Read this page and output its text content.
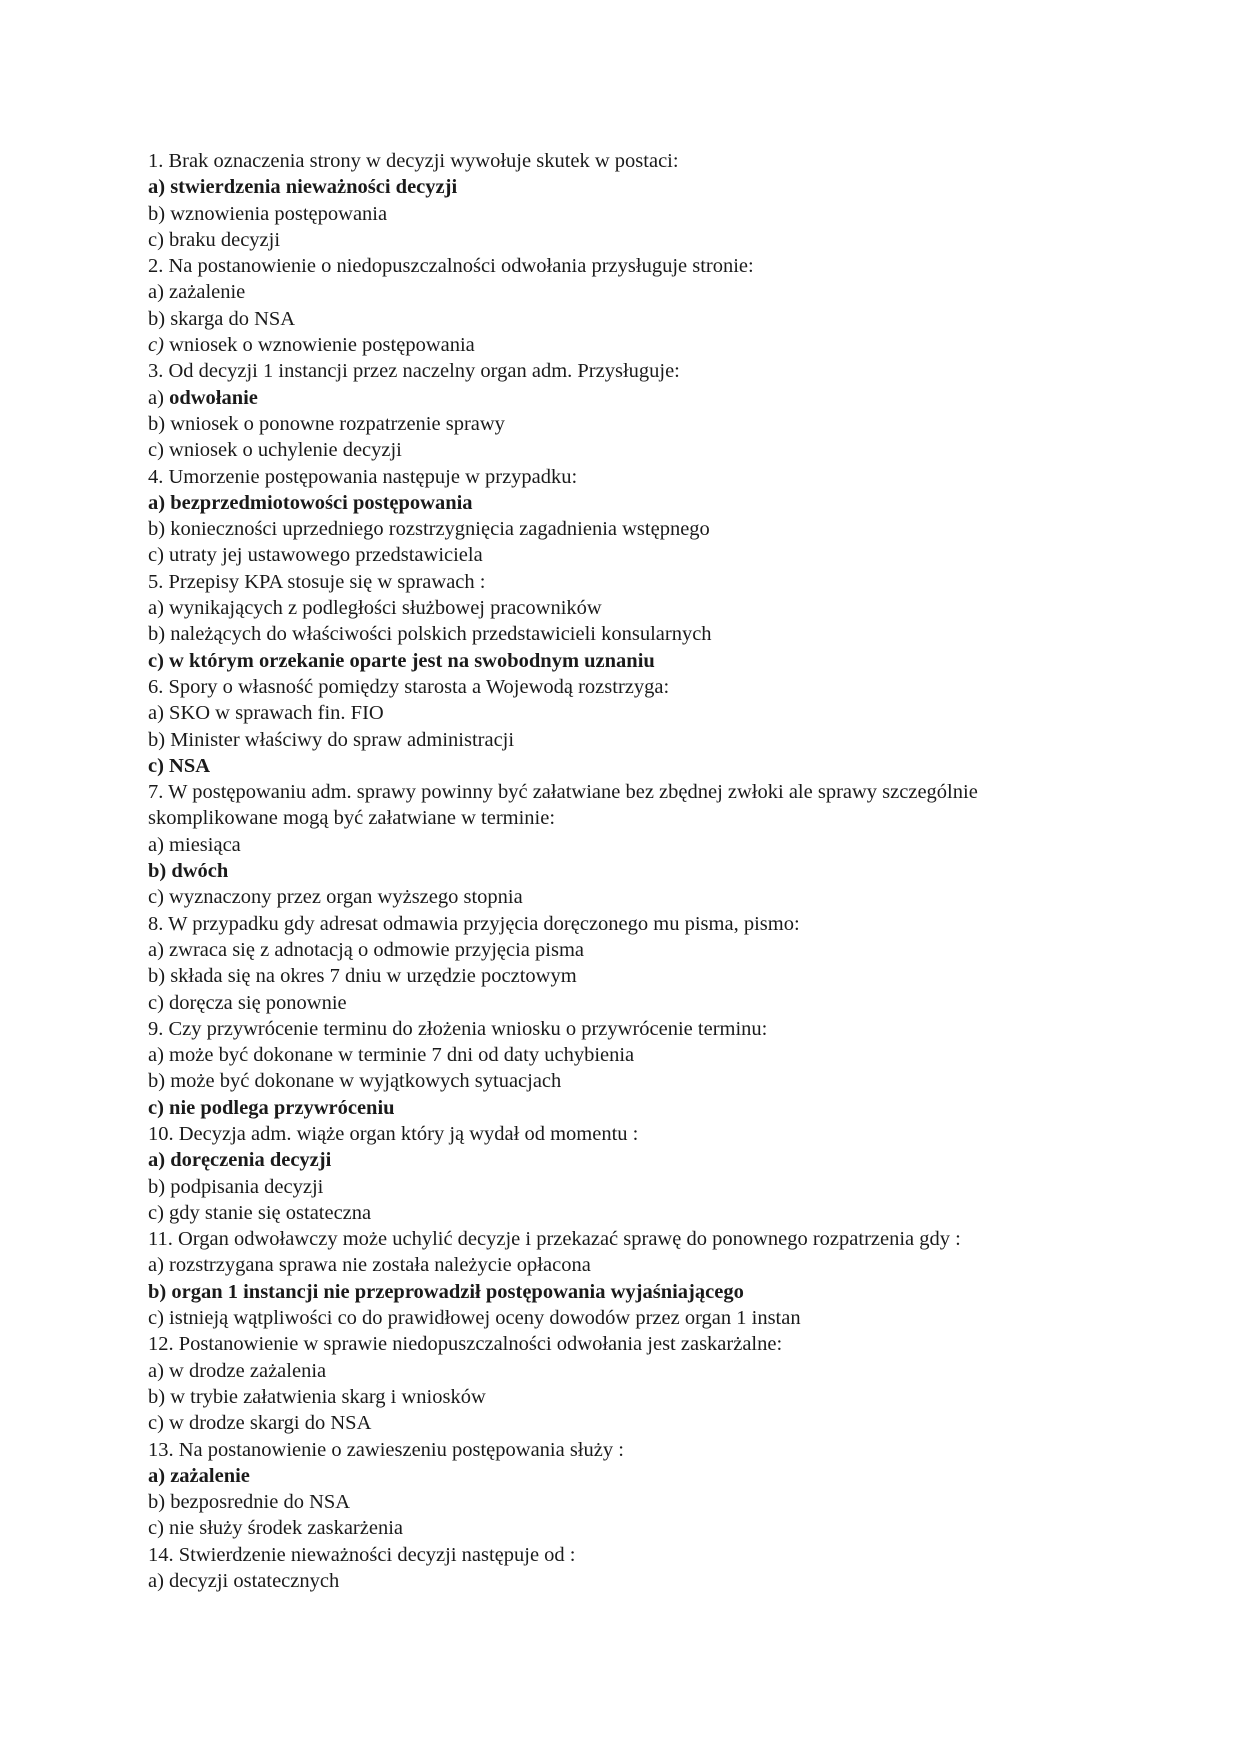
1. Brak oznaczenia strony w decyzji wywołuje skutek w postaci:
a) stwierdzenia nieważności decyzji
b) wznowienia postępowania
c) braku decyzji
2. Na postanowienie o niedopuszczalności odwołania przysługuje stronie:
a) zażalenie
b) skarga do NSA
c) wniosek o wznowienie postępowania
3. Od decyzji 1 instancji przez naczelny organ adm. Przysługuje:
a) odwołanie
b) wniosek o ponowne rozpatrzenie sprawy
c) wniosek o uchylenie decyzji
4. Umorzenie postępowania następuje w przypadku:
a) bezprzedmiotowości postępowania
b) konieczności uprzedniego rozstrzygnięcia zagadnienia wstępnego
c) utraty jej ustawowego przedstawiciela
5. Przepisy KPA stosuje się w sprawach :
a) wynikających z podległości służbowej pracowników
b) należących do właściwości polskich przedstawicieli konsularnych
c) w którym orzekanie oparte jest na swobodnym uznaniu
6. Spory o własność pomiędzy starosta a Wojewodą rozstrzyga:
a) SKO w sprawach fin. FIO
b) Minister właściwy do spraw administracji
c) NSA
7. W postępowaniu adm. sprawy powinny być załatwiane bez zbędnej zwłoki ale sprawy szczególnie skomplikowane mogą być załatwiane w terminie:
a) miesiąca
b) dwóch
c) wyznaczony przez organ wyższego stopnia
8. W przypadku gdy adresat odmawia przyjęcia doręczonego mu pisma, pismo:
a) zwraca się z adnotacją o odmowie przyjęcia pisma
b) składa się na okres 7 dniu w urzędzie pocztowym
c) doręcza się ponownie
9. Czy przywrócenie terminu do złożenia wniosku o przywrócenie terminu:
a) może być dokonane w terminie 7 dni od daty uchybienia
b) może być dokonane w wyjątkowych sytuacjach
c) nie podlega przywróceniu
10. Decyzja adm. wiąże organ który ją wydał od momentu :
a) doręczenia decyzji
b) podpisania decyzji
c) gdy stanie się ostateczna
11. Organ odwoławczy może uchylić decyzje i przekazać sprawę do ponownego rozpatrzenia gdy :
a) rozstrzygana sprawa nie została należycie opłacona
b) organ 1 instancji nie przeprowadził postępowania wyjaśniającego
c) istnieją wątpliwości co do prawidłowej oceny dowodów przez organ 1 instan
12. Postanowienie w sprawie niedopuszczalności odwołania jest zaskarżalne:
a) w drodze zażalenia
b) w trybie załatwienia skarg i wniosków
c) w drodze skargi do NSA
13. Na postanowienie o zawieszeniu postępowania służy :
a) zażalenie
b) bezposrednie do NSA
c) nie służy środek zaskarżenia
14. Stwierdzenie nieważności decyzji następuje od :
a) decyzji ostatecznych
